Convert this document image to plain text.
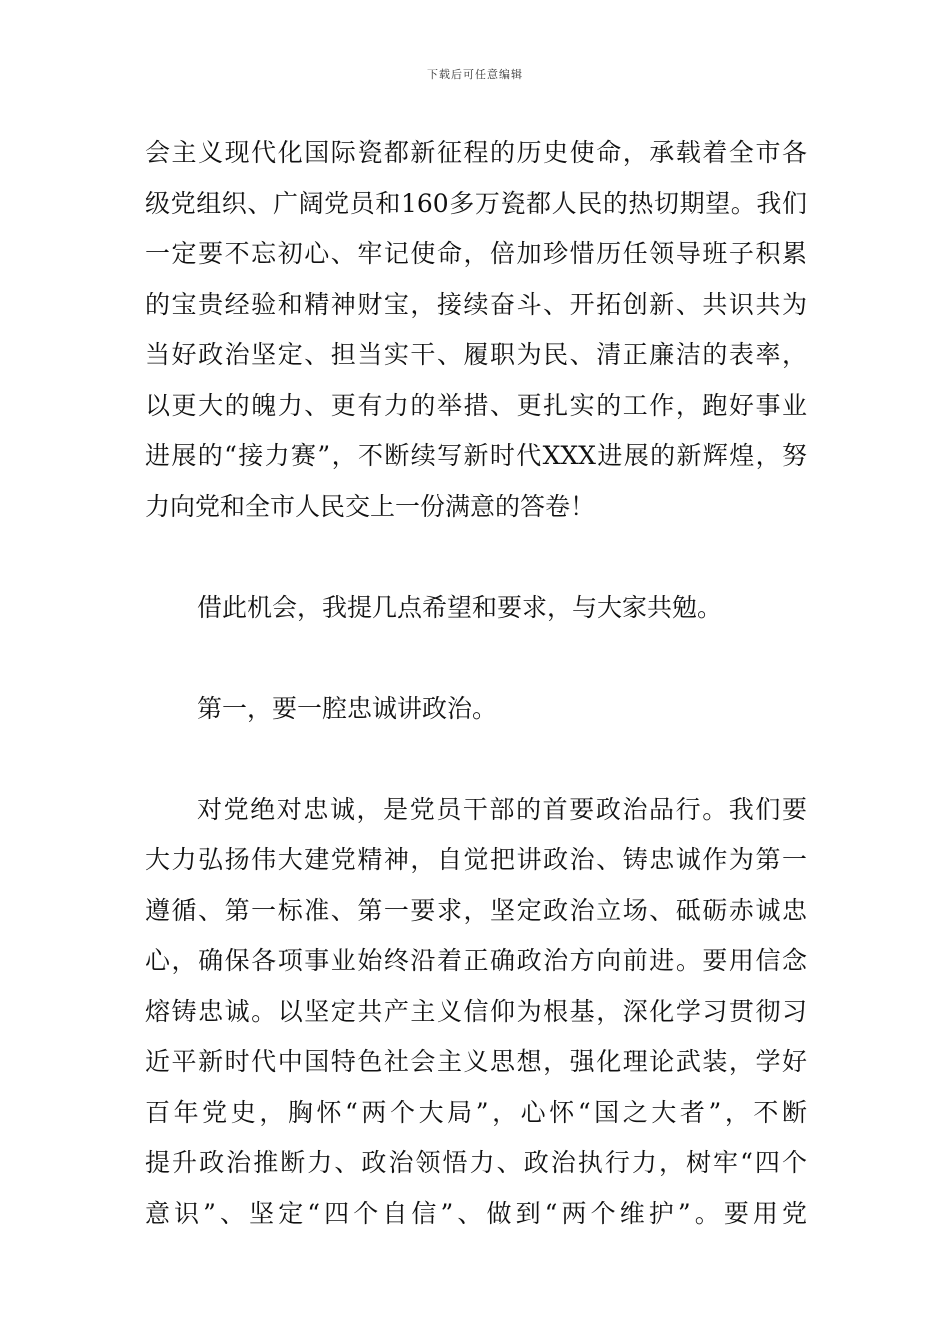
下载后可任意编辑
会主义现代化国际瓷都新征程的历史使命，承载着全市各
级党组织、广阔党员和160多万瓷都人民的热切期望。我们
一定要不忘初心、牢记使命，倍加珍惜历任领导班子积累
的宝贵经验和精神财宝，接续奋斗、开拓创新、共识共为
当好政治坚定、担当实干、履职为民、清正廉洁的表率，
以更大的魄力、更有力的举措、更扎实的工作，跑好事业
进展的“接力赛”，不断续写新时代XXX进展的新辉煌，努
力向党和全市人民交上一份满意的答卷！
借此机会，我提几点希望和要求，与大家共勉。
第一，要一腔忠诚讲政治。
对党绝对忠诚，是党员干部的首要政治品行。我们要
大力弘扬伟大建党精神，自觉把讲政治、铸忠诚作为第一
遵循、第一标准、第一要求，坚定政治立场、砥砺赤诚忠
心，确保各项事业始终沿着正确政治方向前进。要用信念
熔铸忠诚。以坚定共产主义信仰为根基，深化学习贯彻习
近平新时代中国特色社会主义思想，强化理论武装，学好
百年党史，胸怀“两个大局”，心怀“国之大者”，不断
提升政治推断力、政治领悟力、政治执行力，树牢“四个
意识”、坚定“四个自信”、做到“两个维护”。要用党
